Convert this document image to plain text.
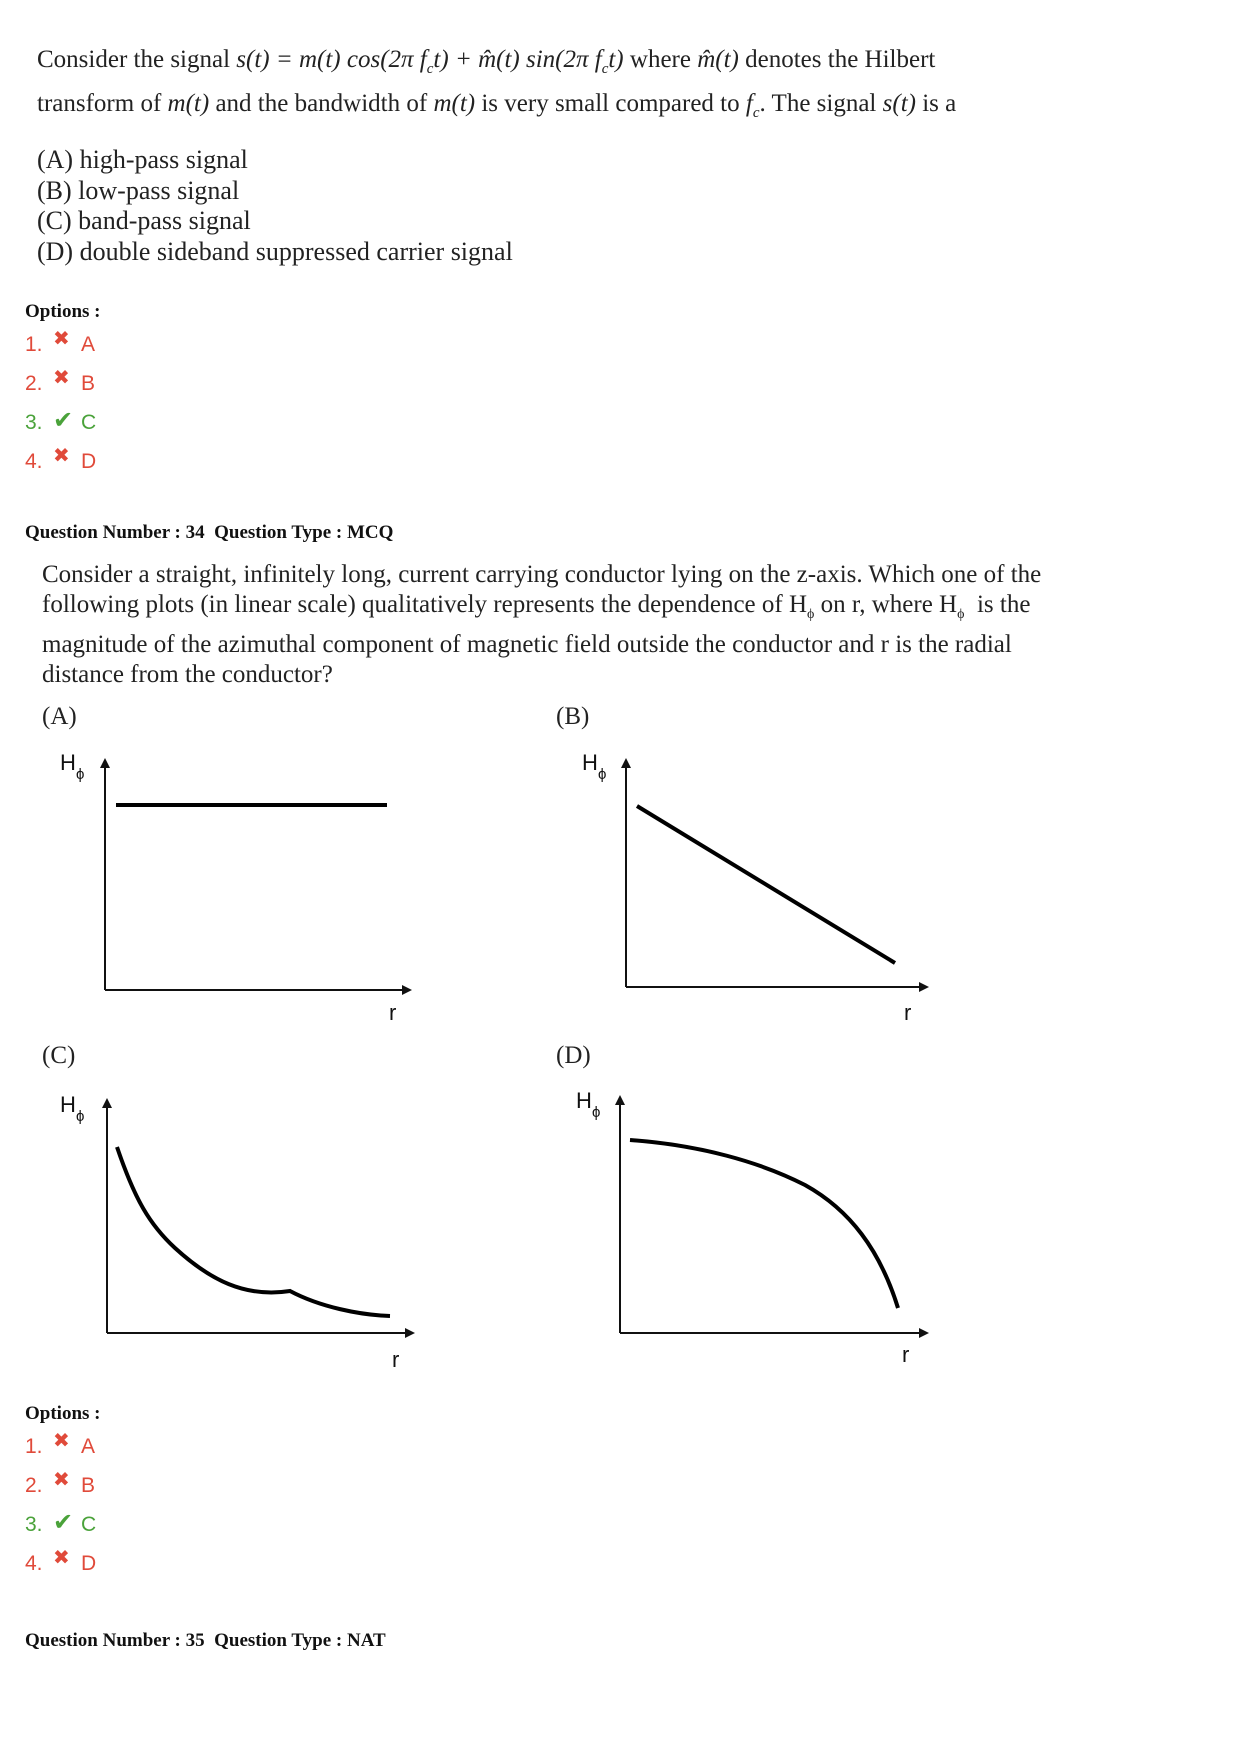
Consider the signal s(t) = m(t) cos(2π $f_ct$) + m̂(t) sin(2π $f_ct$) where m̂(t) denotes the Hilbert
transform of m(t) and the bandwidth of m(t) is very small compared to $f_c$. The signal s(t) is a
(A) high-pass signal
(B) low-pass signal
(C) band-pass signal
(D) double sideband suppressed carrier signal
Options :
1. ✖ A
2. ✖ B
3. ✔ C
4. ✖ D
Question Number : 34  Question Type : MCQ
Consider a straight, infinitely long, current carrying conductor lying on the z-axis. Which one of the
following plots (in linear scale) qualitatively represents the dependence of $H_\phi$ on r, where $H_\phi$  is the
magnitude of the azimuthal component of magnetic field outside the conductor and r is the radial
distance from the conductor?
(A)	(B)
(C)	(D)
H ϕ
r
H ϕ
r
H ϕ
r
H ϕ
r
Options :
1. ✖ A
2. ✖ B
3. ✔ C
4. ✖ D
Question Number : 35  Question Type : NAT
